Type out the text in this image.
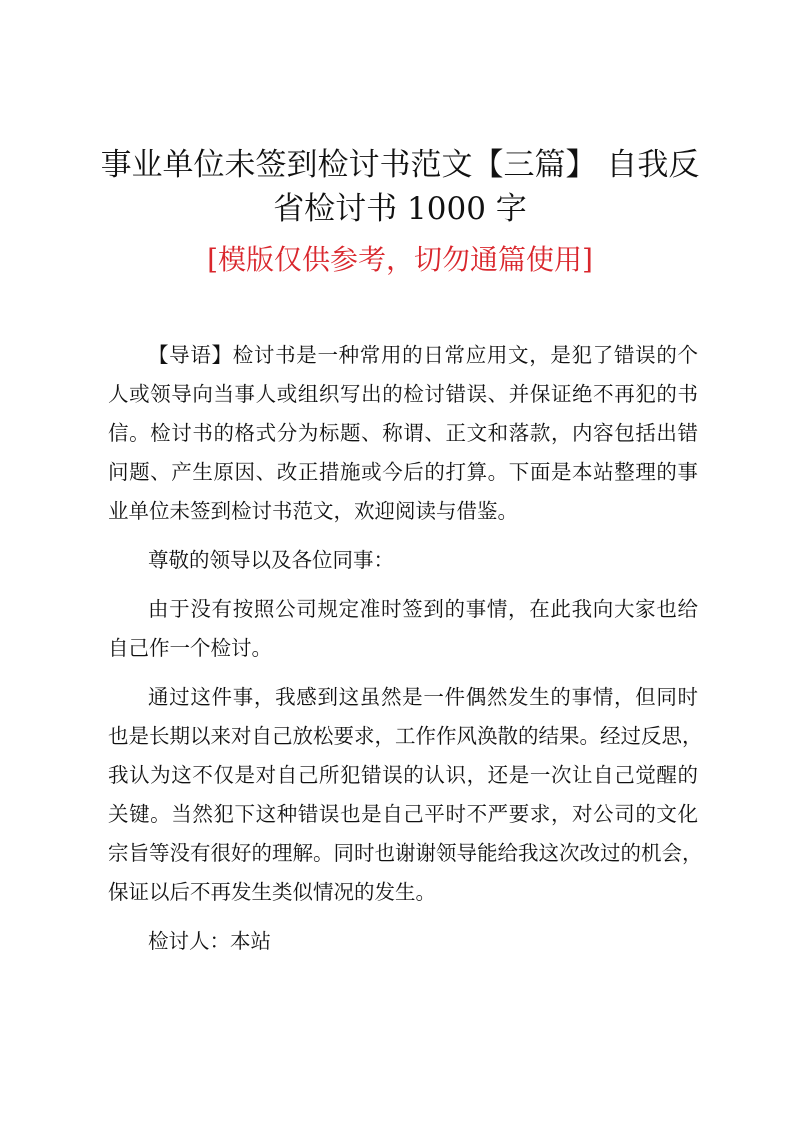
事业单位未签到检讨书范文【三篇】 自我反
省检讨书 1000 字
[模版仅供参考，切勿通篇使用]
【导语】检讨书是一种常用的日常应用文，是犯了错误的个
人或领导向当事人或组织写出的检讨错误、并保证绝不再犯的书
信。检讨书的格式分为标题、称谓、正文和落款，内容包括出错
问题、产生原因、改正措施或今后的打算。下面是本站整理的事
业单位未签到检讨书范文，欢迎阅读与借鉴。
尊敬的领导以及各位同事：
由于没有按照公司规定准时签到的事情，在此我向大家也给
自己作一个检讨。
通过这件事，我感到这虽然是一件偶然发生的事情，但同时
也是长期以来对自己放松要求，工作作风涣散的结果。经过反思，
我认为这不仅是对自己所犯错误的认识，还是一次让自己觉醒的
关键。当然犯下这种错误也是自己平时不严要求，对公司的文化
宗旨等没有很好的理解。同时也谢谢领导能给我这次改过的机会，
保证以后不再发生类似情况的发生。
检讨人：本站
